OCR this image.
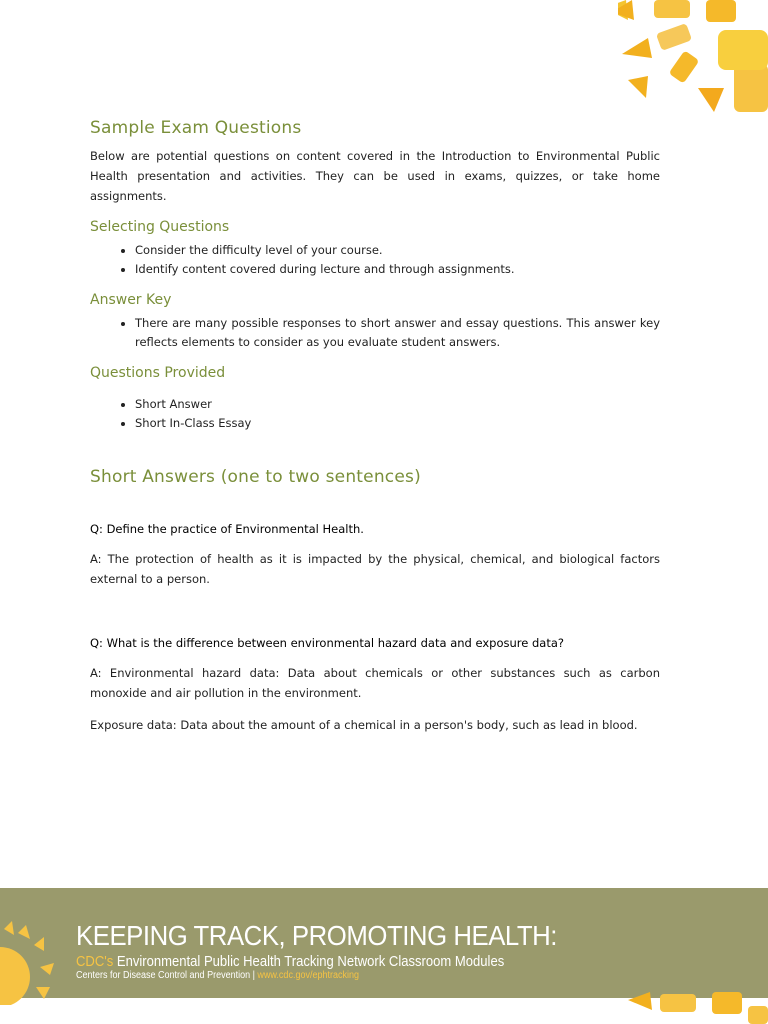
Sample Exam Questions

Below are potential questions on content covered in the Introduction to Environmental Public Health presentation and activities. They can be used in exams, quizzes, or take home assignments.

Selecting Questions
• Consider the difficulty level of your course.
• Identify content covered during lecture and through assignments.
Answer Key
• There are many possible responses to short answer and essay questions. This answer key reflects elements to consider as you evaluate student answers.
Questions Provided
• Short Answer
• Short In-Class Essay
Short Answers (one to two sentences)

Q: Define the practice of Environmental Health.

A: The protection of health as it is impacted by the physical, chemical, and biological factors external to a person.

Q: What is the difference between environmental hazard data and exposure data?

A: Environmental hazard data: Data about chemicals or other substances such as carbon monoxide and air pollution in the environment.

Exposure data: Data about the amount of a chemical in a person's body, such as lead in blood.

KEEPING TRACK, PROMOTING HEALTH:
CDC's Environmental Public Health Tracking Network Classroom Modules
Centers for Disease Control and Prevention | www.cdc.gov/ephtracking
